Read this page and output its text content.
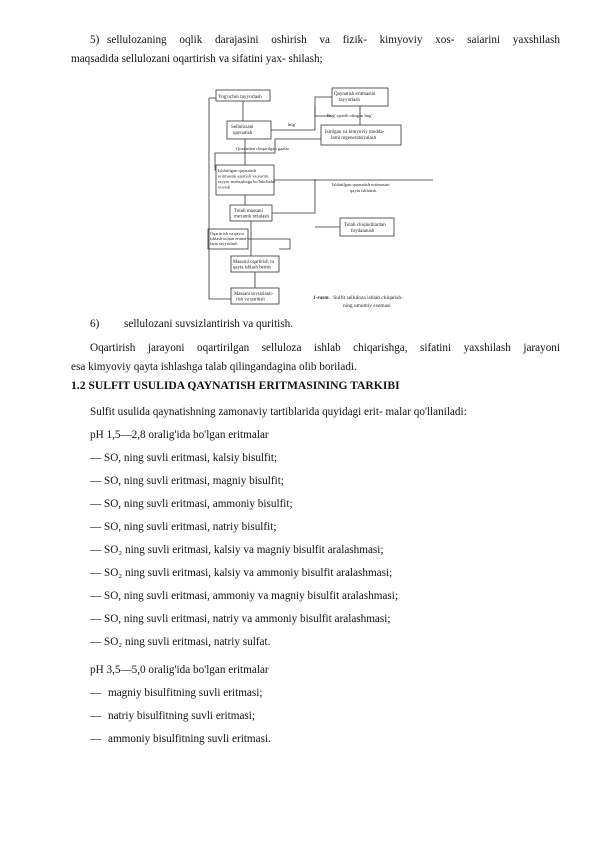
5) sellulozaning oqlik darajasini oshirish va fizik- kimyoviy xos- saiarini yaxshilash
maqsadida sellulozani oqartirish va sifatini yax- shilash;
Yog'ochni tayyorlash	Qaynatish eritmasini tayyorlash
Sellulozani qaynatish	Isitilgan va kimyoviy modda-larni regeneratsiyalash
Ishlatilgan qaynatish eritmasini ajratish va yarim tayyor mahsulotga bo'lakchalar yuvish
Tolali massani mexanik tozalash
Tolali chiqindilardan foydalanish
Oqartirish va qayta ishlash uchun eritma-larni tayyorlash
Massani oqartirish va qayta ishlash berish
Massani suvsizlanti-rish va quritish
Bug' ajratib olingan bug'
bug'
Qozondan chiqarilgan gazlar
Ishlatilgan qaynatish eritmasini qayta ishlatish
1-rasm. Sulfit sellulоza ishlab chiqarish-
ning umumiy sxemasi
6) sellulozani suvsizlantirish va quritish.
Oqartirish jarayoni oqartirilgan selluloza ishlab chiqarishga, sifatini yaxshilash jarayoni
esa kimyoviy qayta ishlashga talab qilingandagina olib boriladi.
1.2 SULFIT USULIDA QAYNATISH ERITMASINING TARKIBI
Sulfit usulida qaynatishning zamonaviy tartiblarida quyidagi erit- malar qo'llaniladi:
pH 1,5—2,8 oralig'ida bo'lgan eritmalar
— SO, ning suvli eritmasi, kalsiy bisulfit;
— SO, ning suvli eritmasi, magniy bisulfit;
— SO, ning suvli eritmasi, ammoniy bisulfit;
— SO, ning suvli eritmasi, natriy bisulfit;
— SO₂ ning suvli eritmasi, kalsiy va magniy bisulfit aralashmasi;
— SO₂ ning suvli eritmasi, kalsiy va ammoniy bisulfit aralashmasi;
— SO, ning suvli eritmasi, ammoniy va magniy bisulfit aralashmasi;
— SO, ning suvli eritmasi, natriy va ammoniy bisulfit aralashmasi;
— SO₂ ning suvli eritmasi, natriy sulfat.
pH 3,5—5,0 oralig'ida bo'lgan eritmalar
— magniy bisulfitning suvli eritmasi;
— natriy bisulfitning suvli eritmasi;
— ammoniy bisulfitning suvli eritmasi.
